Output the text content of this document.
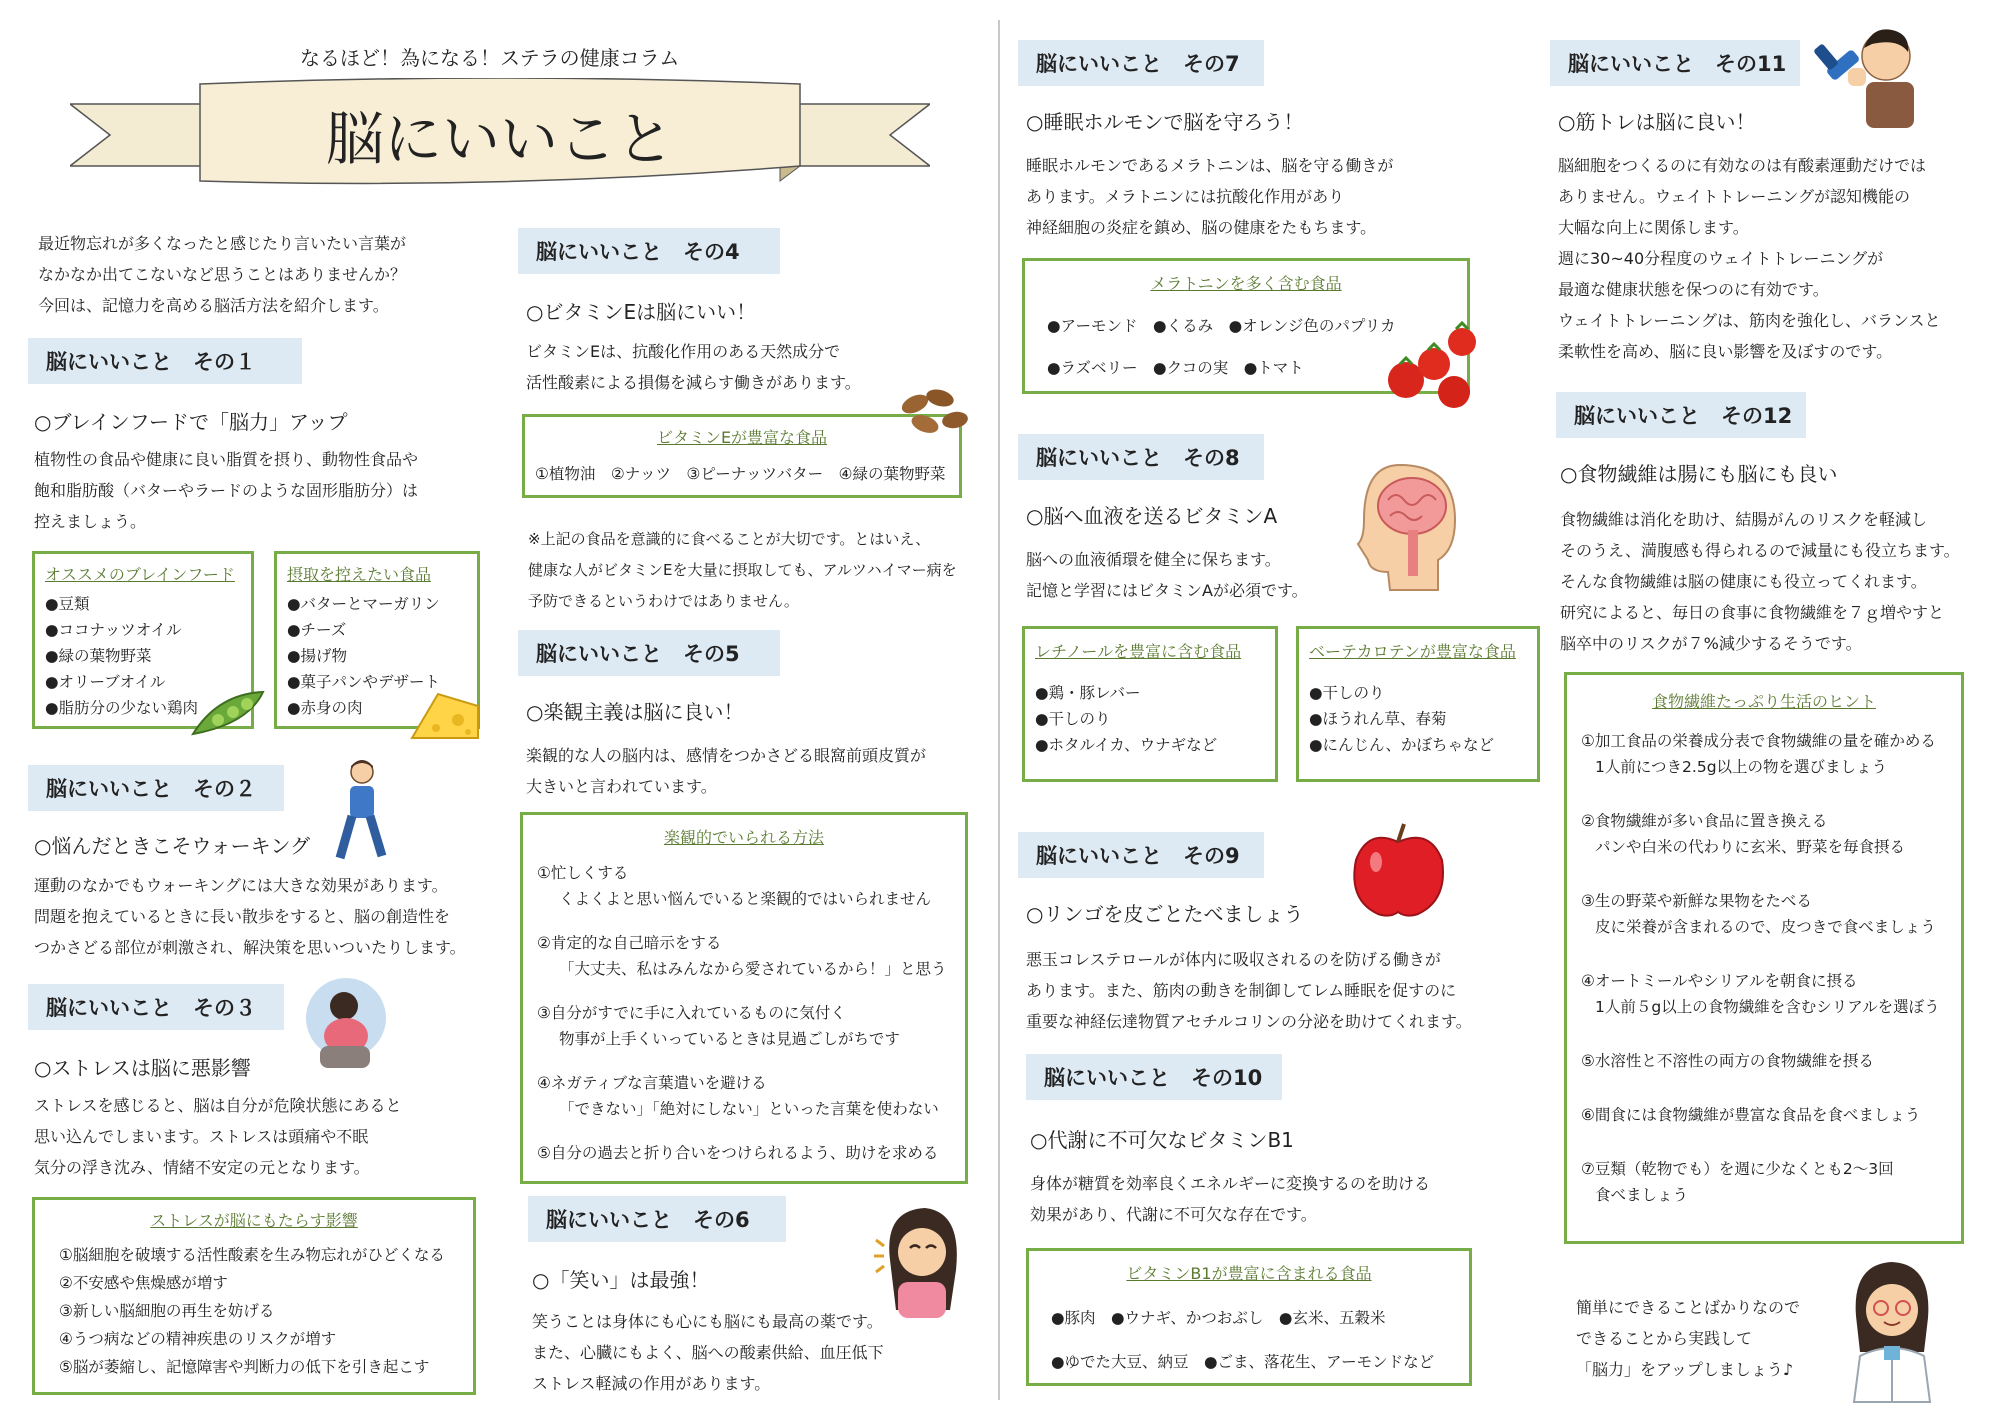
なるほど！為になる！ステラの健康コラム
脳にいいこと
最近物忘れが多くなったと感じたり言いたい言葉が
なかなか出てこないなど思うことはありませんか？
今回は、記憶力を高める脳活方法を紹介します。
脳にいいこと　その１
○ブレインフードで「脳力」アップ
植物性の食品や健康に良い脂質を摂り、動物性食品や
飽和脂肪酸（バターやラードのような固形脂肪分）は
控えましょう。
オススメのブレインフード
●豆類
●ココナッツオイル
●緑の葉物野菜
●オリーブオイル
●脂肪分の少ない鶏肉
摂取を控えたい食品
●バターとマーガリン
●チーズ
●揚げ物
●菓子パンやデザート
●赤身の肉
脳にいいこと　その２
○悩んだときこそウォーキング
運動のなかでもウォーキングには大きな効果があります。
問題を抱えているときに長い散歩をすると、脳の創造性を
つかさどる部位が刺激され、解決策を思いついたりします。
脳にいいこと　その３
○ストレスは脳に悪影響
ストレスを感じると、脳は自分が危険状態にあると
思い込んでしまいます。ストレスは頭痛や不眠
気分の浮き沈み、情緒不安定の元となります。
ストレスが脳にもたらす影響
①脳細胞を破壊する活性酸素を生み物忘れがひどくなる
②不安感や焦燥感が増す
③新しい脳細胞の再生を妨げる
④うつ病などの精神疾患のリスクが増す
⑤脳が萎縮し、記憶障害や判断力の低下を引き起こす
脳にいいこと　その4
○ビタミンEは脳にいい！
ビタミンEは、抗酸化作用のある天然成分で
活性酸素による損傷を減らす働きがあります。
ビタミンEが豊富な食品
①植物油　②ナッツ　③ピーナッツバター　④緑の葉物野菜
※上記の食品を意識的に食べることが大切です。とはいえ、
健康な人がビタミンEを大量に摂取しても、アルツハイマー病を
予防できるというわけではありません。
脳にいいこと　その5
○楽観主義は脳に良い！
楽観的な人の脳内は、感情をつかさどる眼窩前頭皮質が
大きいと言われています。
楽観的でいられる方法
①忙しくする
くよくよと思い悩んでいると楽観的ではいられません
②肯定的な自己暗示をする
「大丈夫、私はみんなから愛されているから！」と思う
③自分がすでに手に入れているものに気付く
物事が上手くいっているときは見過ごしがちです
④ネガティブな言葉遣いを避ける
「できない」「絶対にしない」といった言葉を使わない
⑤自分の過去と折り合いをつけられるよう、助けを求める
脳にいいこと　その6
○「笑い」は最強！
笑うことは身体にも心にも脳にも最高の薬です。
また、心臓にもよく、脳への酸素供給、血圧低下
ストレス軽減の作用があります。
脳にいいこと　その7
○睡眠ホルモンで脳を守ろう！
睡眠ホルモンであるメラトニンは、脳を守る働きが
あります。メラトニンには抗酸化作用があり
神経細胞の炎症を鎮め、脳の健康をたもちます。
メラトニンを多く含む食品
●アーモンド　●くるみ　●オレンジ色のパプリカ
●ラズベリー　●クコの実　●トマト
脳にいいこと　その8
○脳へ血液を送るビタミンA
脳への血液循環を健全に保ちます。
記憶と学習にはビタミンAが必須です。
レチノールを豊富に含む食品
●鶏・豚レバー
●干しのり
●ホタルイカ、ウナギなど
ベーテカロテンが豊富な食品
●干しのり
●ほうれん草、春菊
●にんじん、かぼちゃなど
脳にいいこと　その9
○リンゴを皮ごとたべましょう
悪玉コレステロールが体内に吸収されるのを防げる働きが
あります。また、筋肉の動きを制御してレム睡眠を促すのに
重要な神経伝達物質アセチルコリンの分泌を助けてくれます。
脳にいいこと　その10
○代謝に不可欠なビタミンB1
身体が糖質を効率良くエネルギーに変換するのを助ける
効果があり、代謝に不可欠な存在です。
ビタミンB1が豊富に含まれる食品
●豚肉　●ウナギ、かつおぶし　●玄米、五穀米
●ゆでた大豆、納豆　●ごま、落花生、アーモンドなど
脳にいいこと　その11
○筋トレは脳に良い！
脳細胞をつくるのに有効なのは有酸素運動だけでは
ありません。ウェイトトレーニングが認知機能の
大幅な向上に関係します。
週に30~40分程度のウェイトトレーニングが
最適な健康状態を保つのに有効です。
ウェイトトレーニングは、筋肉を強化し、バランスと
柔軟性を高め、脳に良い影響を及ぼすのです。
脳にいいこと　その12
○食物繊維は腸にも脳にも良い
食物繊維は消化を助け、結腸がんのリスクを軽減し
そのうえ、満腹感も得られるので減量にも役立ちます。
そんな食物繊維は脳の健康にも役立ってくれます。
研究によると、毎日の食事に食物繊維を７ｇ増やすと
脳卒中のリスクが７%減少するそうです。
食物繊維たっぷり生活のヒント
①加工食品の栄養成分表で食物繊維の量を確かめる
1人前につき2.5g以上の物を選びましょう
②食物繊維が多い食品に置き換える
パンや白米の代わりに玄米、野菜を毎食摂る
③生の野菜や新鮮な果物をたべる
皮に栄養が含まれるので、皮つきで食べましょう
④オートミールやシリアルを朝食に摂る
1人前５g以上の食物繊維を含むシリアルを選ぼう
⑤水溶性と不溶性の両方の食物繊維を摂る
⑥間食には食物繊維が豊富な食品を食べましょう
⑦豆類（乾物でも）を週に少なくとも2～3回
食べましょう
簡単にできることばかりなので
できることから実践して
「脳力」をアップしましょう♪
